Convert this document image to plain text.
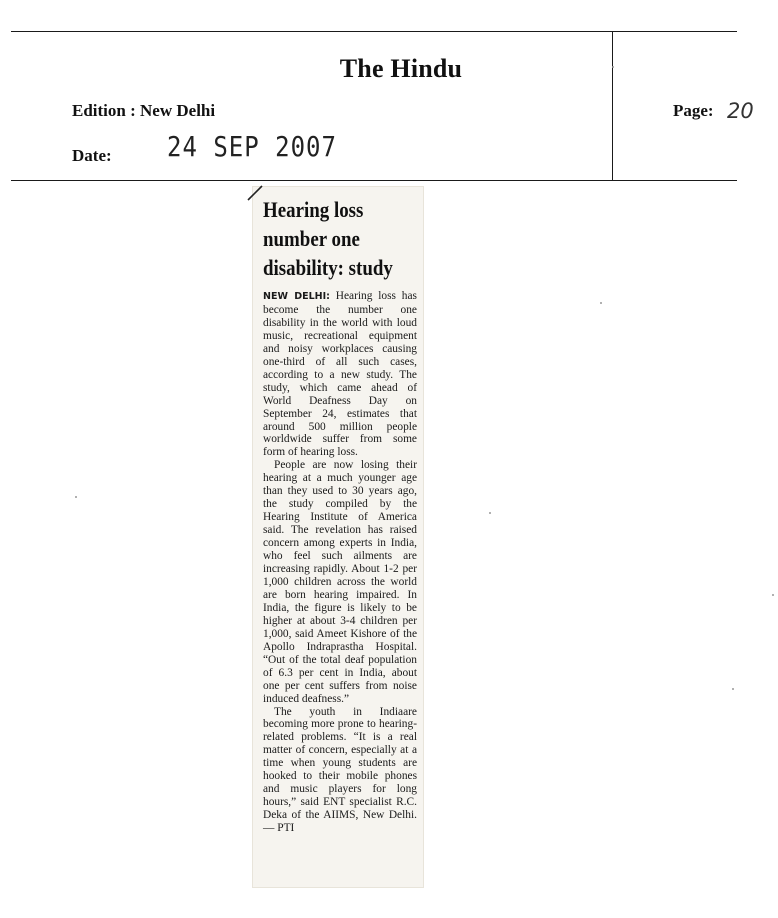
The Hindu
Edition : New Delhi
Date: 24 SEP 2007
Page: 20
Hearing loss number one disability: study

NEW DELHI: Hearing loss has become the number one disability in the world with loud music, recreational equipment and noisy workplaces causing one-third of all such cases, according to a new study. The study, which came ahead of World Deafness Day on September 24, estimates that around 500 million people worldwide suffer from some form of hearing loss.

People are now losing their hearing at a much younger age than they used to 30 years ago, the study compiled by the Hearing Institute of America said. The revelation has raised concern among experts in India, who feel such ailments are increasing rapidly. About 1-2 per 1,000 children across the world are born hearing impaired. In India, the figure is likely to be higher at about 3-4 children per 1,000, said Ameet Kishore of the Apollo Indraprastha Hospital. “Out of the total deaf population of 6.3 per cent in India, about one per cent suffers from noise induced deafness.”

The youth in Indiaare becoming more prone to hearing-related problems. “It is a real matter of concern, especially at a time when young students are hooked to their mobile phones and music players for long hours,” said ENT specialist R.C. Deka of the AIIMS, New Delhi. — PTI
